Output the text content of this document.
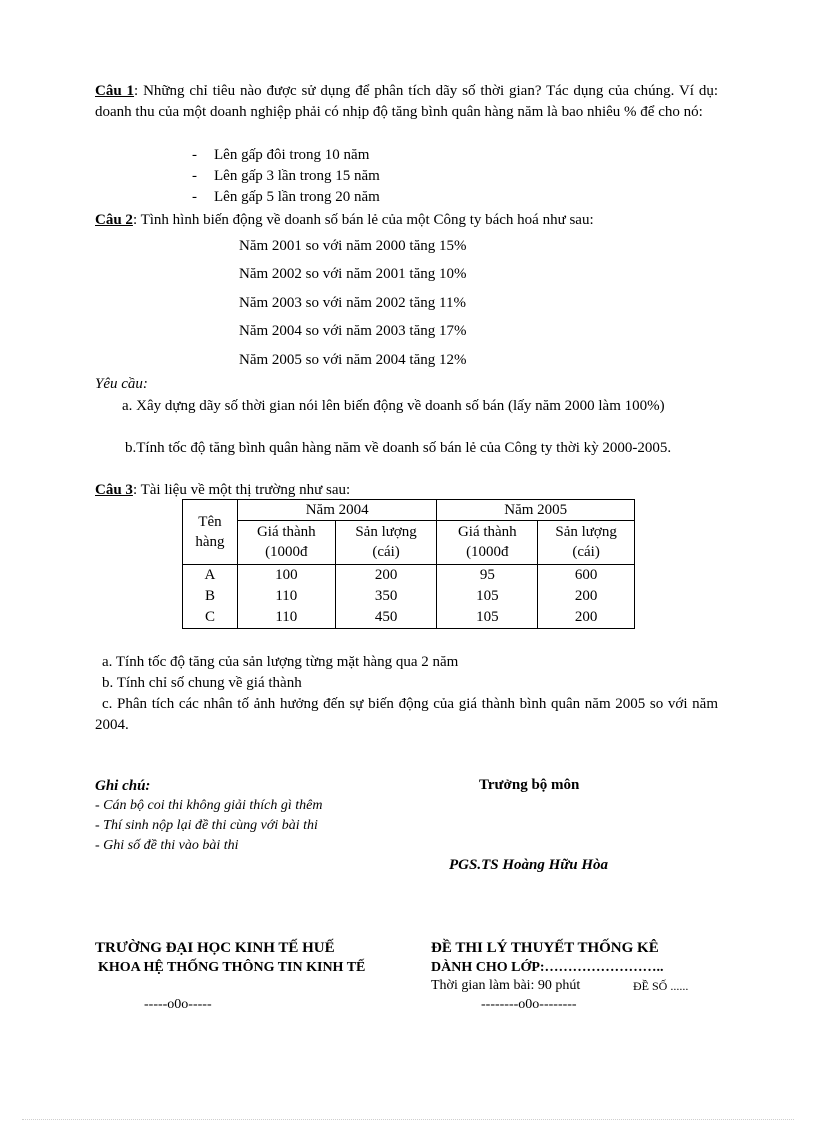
Câu 1: Những chỉ tiêu nào được sử dụng để phân tích dãy số thời gian? Tác dụng của chúng. Ví dụ: doanh thu của một doanh nghiệp phải có nhịp độ tăng bình quân hàng năm là bao nhiêu % để cho nó:
- Lên gấp đôi trong 10 năm
- Lên gấp 3 lần trong 15 năm
- Lên gấp 5 lần trong 20 năm
Câu 2: Tình hình biến động về doanh số bán lẻ của một Công ty bách hoá như sau:
Năm 2001 so với năm 2000 tăng 15%
Năm 2002 so với năm 2001 tăng 10%
Năm 2003 so với năm 2002 tăng 11%
Năm 2004 so với năm 2003 tăng 17%
Năm 2005 so với năm 2004 tăng 12%
Yêu cầu:
a. Xây dựng dãy số thời gian nói lên biến động về doanh số bán (lấy năm 2000 làm 100%)
b.Tính tốc độ tăng bình quân hàng năm về doanh số bán lẻ của Công ty thời kỳ 2000-2005.
Câu 3: Tài liệu về một thị trường như sau:
Tên hàng	Năm 2004		Năm 2005	
	Giá thành (1000đ	Sản lượng (cái)	Giá thành (1000đ	Sản lượng (cái)
A	100	200	95	600
B	110	350	105	200
C	110	450	105	200
a. Tính tốc độ tăng của sản lượng từng mặt hàng qua 2 năm
b. Tính chỉ số chung về giá thành
c. Phân tích các nhân tố ảnh hưởng đến sự biến động của giá thành bình quân năm 2005 so với năm 2004.
Ghi chú:
- Cán bộ coi thi không giải thích gì thêm
- Thí sinh nộp lại đề thi cùng với bài thi
- Ghi số đề thi vào bài thi
Trưởng bộ môn
PGS.TS Hoàng Hữu Hòa
TRƯỜNG ĐẠI HỌC KINH TẾ HUẾ
KHOA HỆ THỐNG THÔNG TIN KINH TẾ
-----o0o-----
ĐỀ THI LÝ THUYẾT THỐNG KÊ
DÀNH CHO LỚP:……………………..
Thời gian làm bài: 90 phút	ĐỀ SỐ ......
--------o0o--------
